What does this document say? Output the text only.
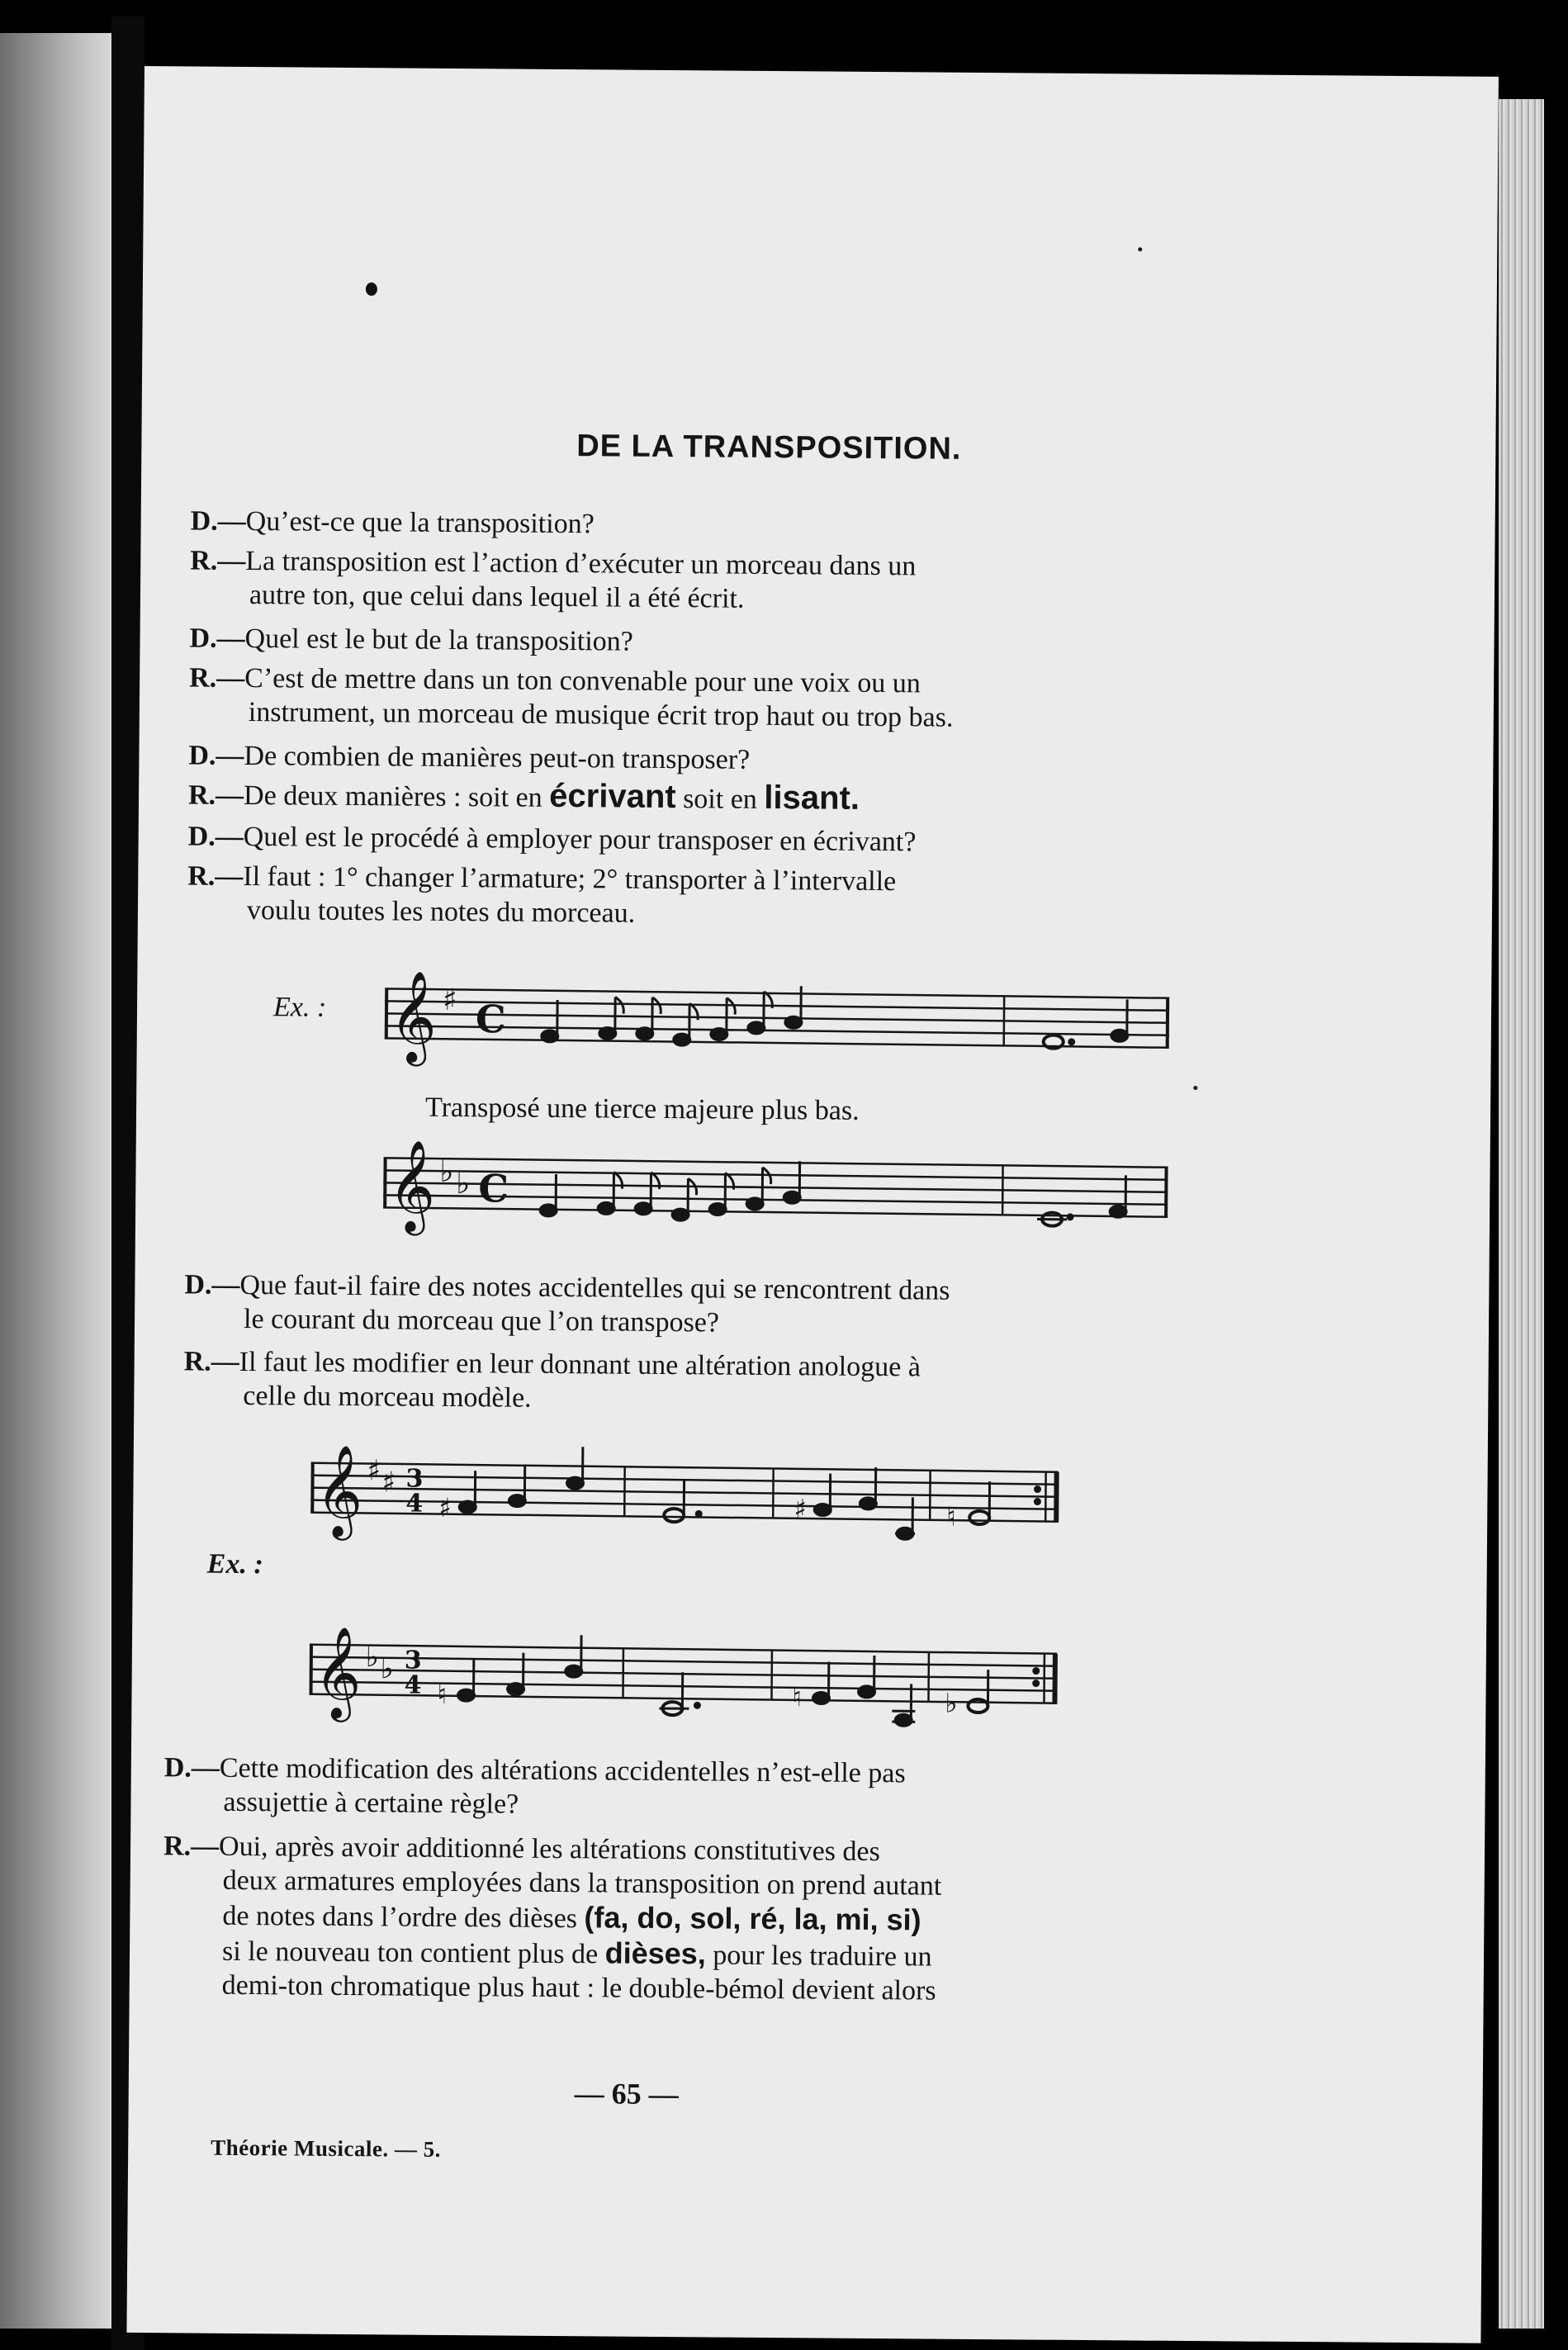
DE LA TRANSPOSITION.
D.—Qu’est-ce que la transposition?
R.—La transposition est l’action d’exécuter un morceau dans un
autre ton, que celui dans lequel il a été écrit.
D.—Quel est le but de la transposition?
R.—C’est de mettre dans un ton convenable pour une voix ou un
instrument, un morceau de musique écrit trop haut ou trop bas.
D.—De combien de manières peut-on transposer?
R.—De deux manières : soit en écrivant soit en lisant.
D.—Quel est le procédé à employer pour transposer en écrivant?
R.—Il faut : 1° changer l’armature; 2° transporter à l’intervalle
voulu toutes les notes du morceau.
Ex. : 𝄞 ♯ C
Transposé une tierce majeure plus bas.
𝄞 ♭ ♭ C
D.—Que faut-il faire des notes accidentelles qui se rencontrent dans
le courant du morceau que l’on transpose?
R.—Il faut les modifier en leur donnant une altération anologue à
celle du morceau modèle.
𝄞 ♯ ♯ 3
4 ♯	♯	♮
Ex. :
𝄞 ♭ ♭ 3
4 ♮	♮	♭
D.—Cette modification des altérations accidentelles n’est-elle pas
assujettie à certaine règle?
R.—Oui, après avoir additionné les altérations constitutives des
deux armatures employées dans la transposition on prend autant
de notes dans l’ordre des dièses (fa, do, sol, ré, la, mi, si)
si le nouveau ton contient plus de dièses, pour les traduire un
demi-ton chromatique plus haut : le double-bémol devient alors
— 65 —
Théorie Musicale. — 5.
